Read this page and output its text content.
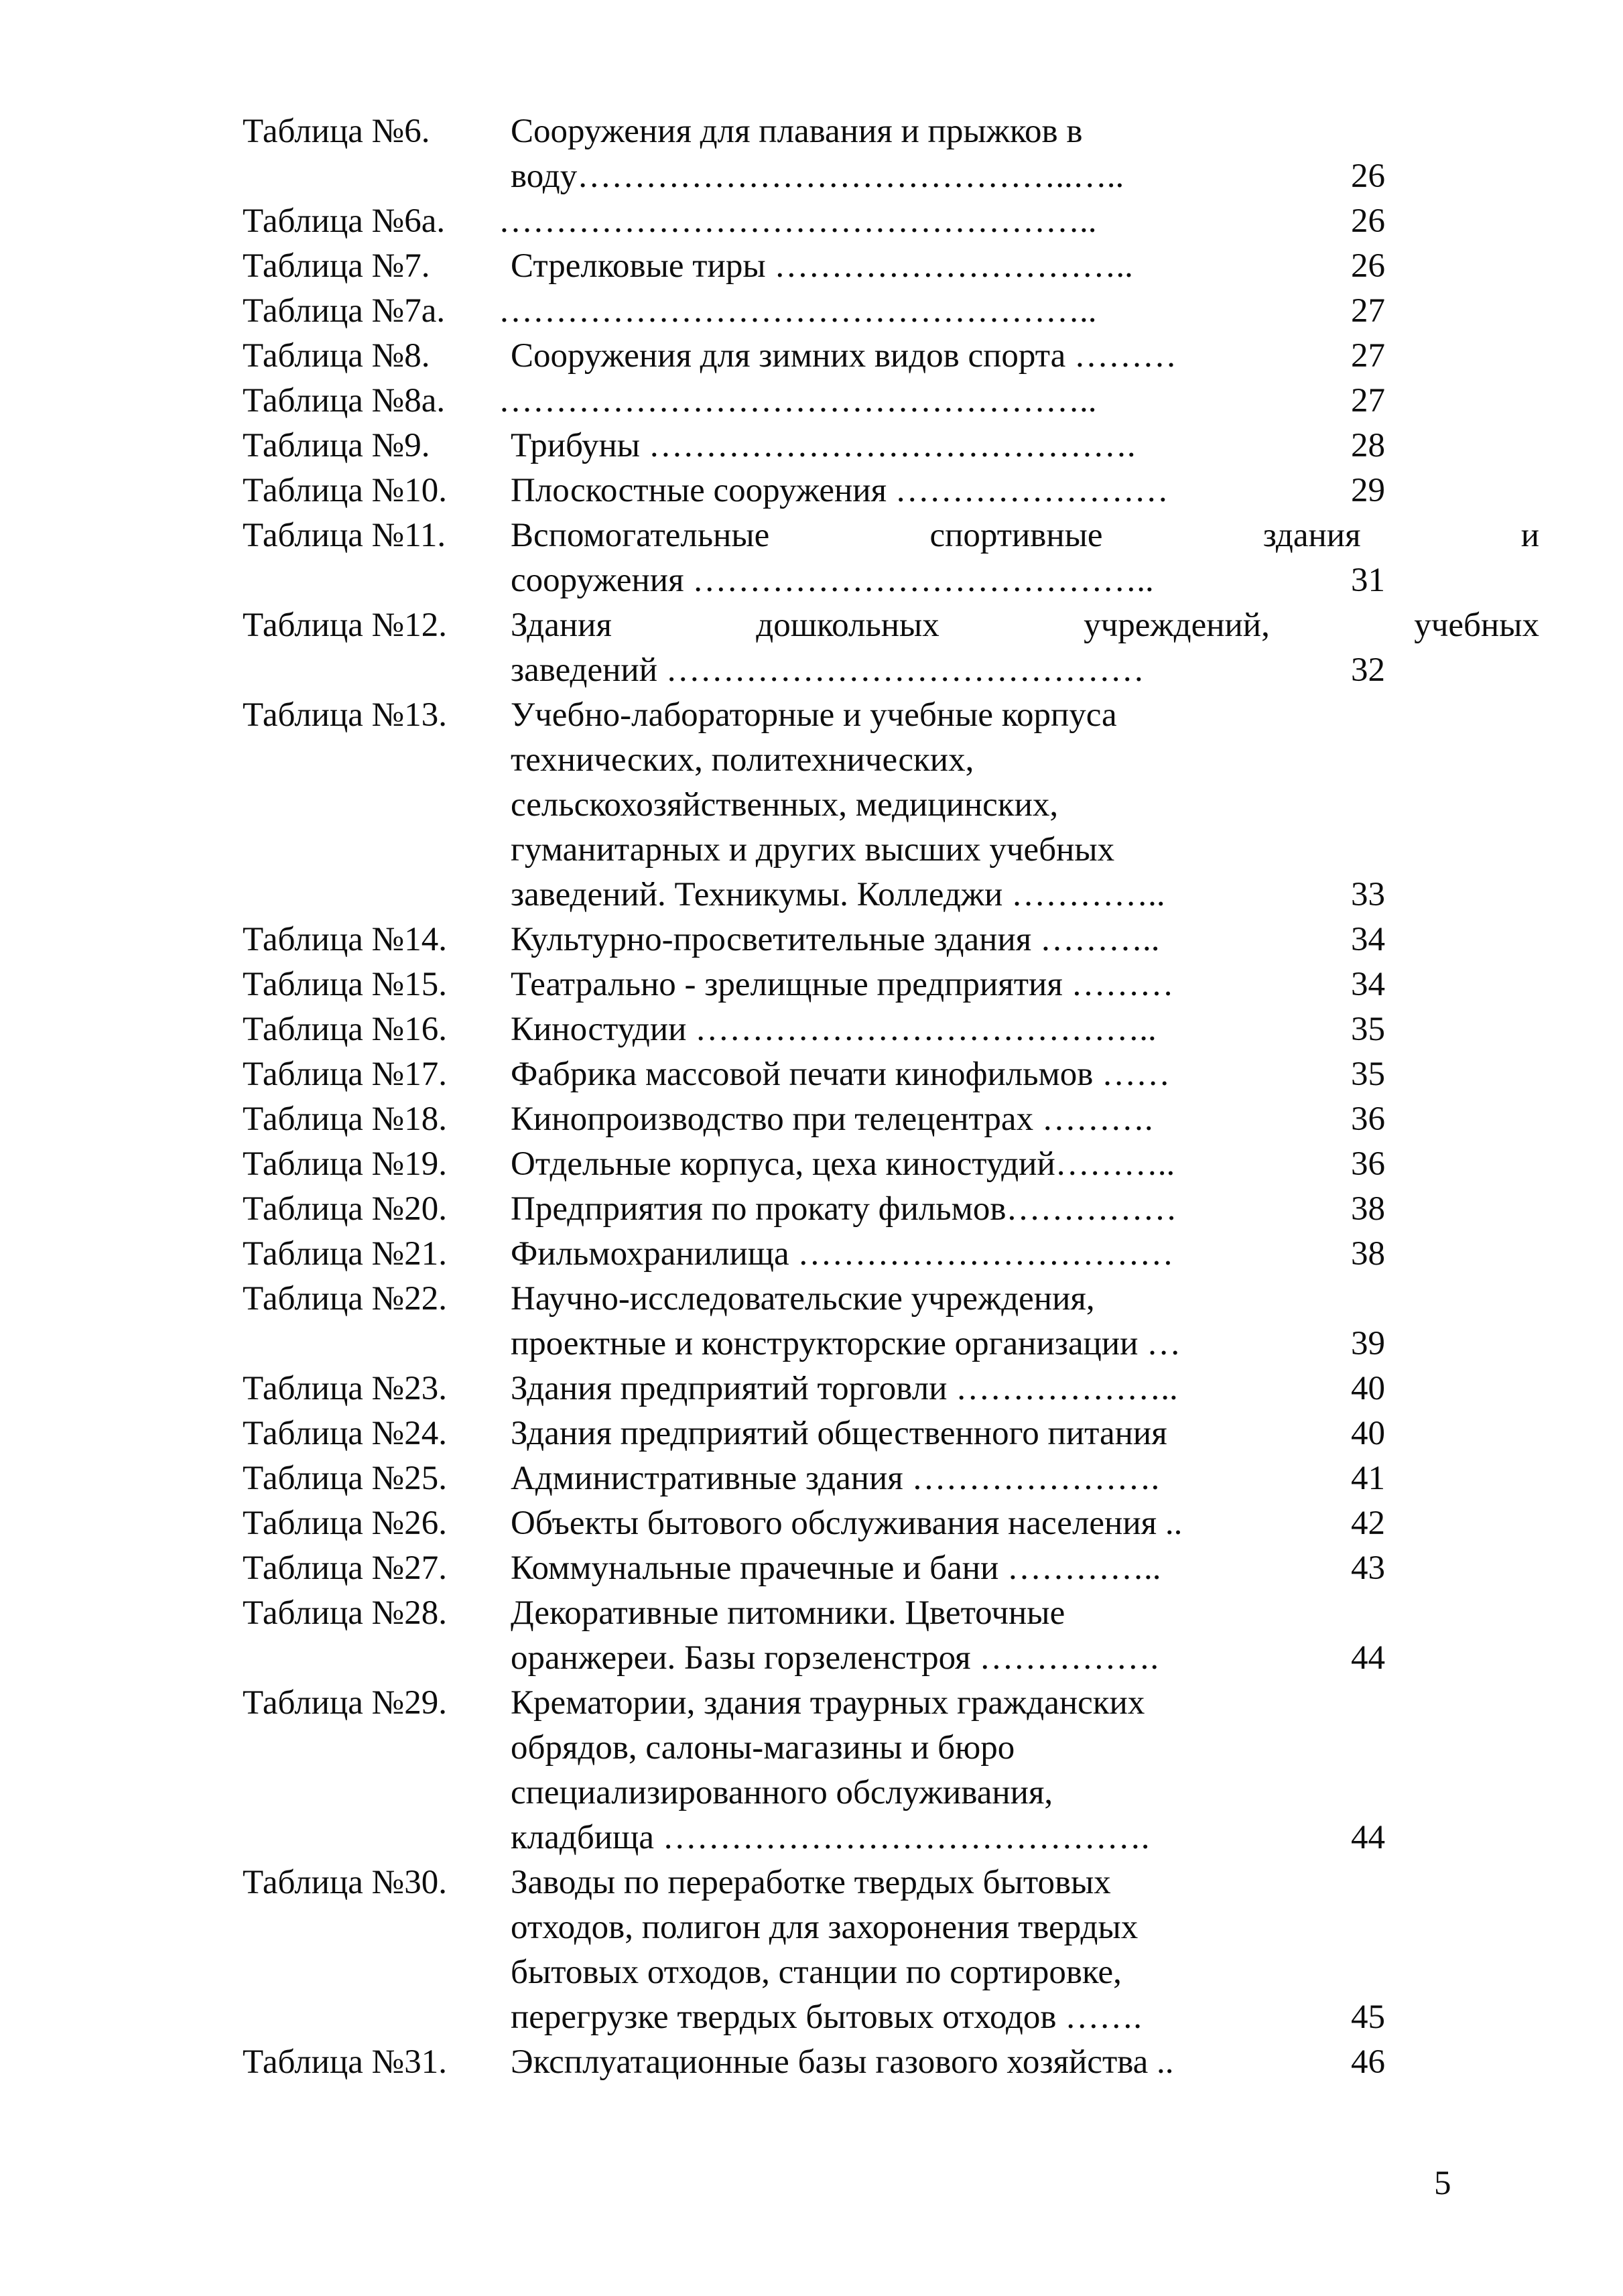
Таблица №6. Сооружения для плавания и прыжков в
воду……………………………………..…..	26
Таблица №6а. ……………………………………………..	26
Таблица №7. Стрелковые тиры …………………………..	26
Таблица №7а. ……………………………………………..	27
Таблица №8. Сооружения для зимних видов спорта ………	27
Таблица №8а. ……………………………………………..	27
Таблица №9. Трибуны …………………………………….	28
Таблица №10. Плоскостные сооружения ……………………	29
Таблица №11. Вспомогательные спортивные здания и
сооружения …………………………………..	31
Таблица №12. Здания дошкольных учреждений, учебных
заведений ……………………………………	32
Таблица №13. Учебно-лабораторные и учебные корпуса
технических, политехнических,
сельскохозяйственных, медицинских,
гуманитарных и других высших учебных
заведений. Техникумы. Колледжи …………..	33
Таблица №14. Культурно-просветительные здания ………..	34
Таблица №15. Театрально - зрелищные предприятия ………	34
Таблица №16. Киностудии …………………………………..	35
Таблица №17. Фабрика массовой печати кинофильмов ……	35
Таблица №18. Кинопроизводство при телецентрах ……….	36
Таблица №19. Отдельные корпуса, цеха киностудий………..	36
Таблица №20. Предприятия по прокату фильмов……………	38
Таблица №21. Фильмохранилища ……………………………	38
Таблица №22. Научно-исследовательские учреждения,
проектные и конструкторские организации …	39
Таблица №23. Здания предприятий торговли ………………..	40
Таблица №24. Здания предприятий общественного питания	40
Таблица №25. Административные здания ………………….	41
Таблица №26. Объекты бытового обслуживания населения ..	42
Таблица №27. Коммунальные прачечные и бани …………..	43
Таблица №28. Декоративные питомники. Цветочные
оранжереи. Базы горзеленстроя …………….	44
Таблица №29. Крематории, здания траурных гражданских
обрядов, салоны-магазины и бюро
специализированного обслуживания,
кладбища …………………………………….	44
Таблица №30. Заводы по переработке твердых бытовых
отходов, полигон для захоронения твердых
бытовых отходов, станции по сортировке,
перегрузке твердых бытовых отходов …….	45
Таблица №31. Эксплуатационные базы газового хозяйства ..	46
5
